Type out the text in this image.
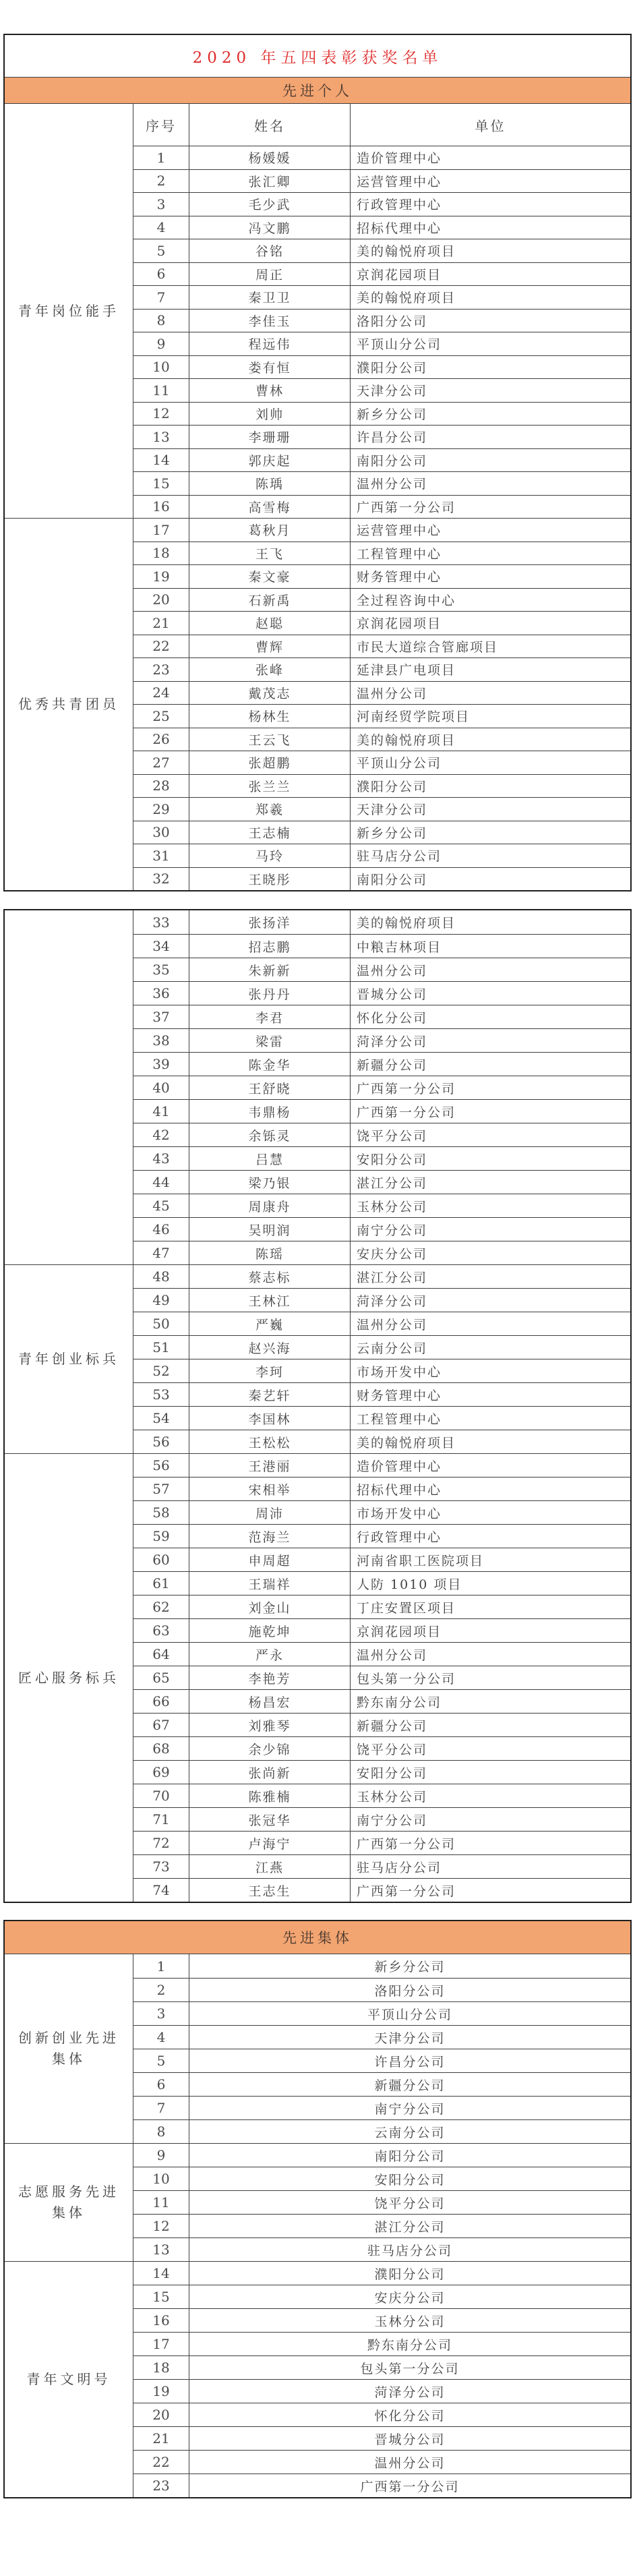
2020 年五四表彰获奖名单
先进个人
青年岗位能手
序号	姓名	单位
1	杨媛媛	造价管理中心
2	张汇卿	运营管理中心
3	毛少武	行政管理中心
4	冯文鹏	招标代理中心
5	谷铭	美的翰悦府项目
6	周正	京润花园项目
7	秦卫卫	美的翰悦府项目
8	李佳玉	洛阳分公司
9	程远伟	平顶山分公司
10	娄有恒	濮阳分公司
11	曹林	天津分公司
12	刘帅	新乡分公司
13	李珊珊	许昌分公司
14	郭庆起	南阳分公司
15	陈瑀	温州分公司
16	高雪梅	广西第一分公司
优秀共青团员
17	葛秋月	运营管理中心
18	王飞	工程管理中心
19	秦文豪	财务管理中心
20	石新禹	全过程咨询中心
21	赵聪	京润花园项目
22	曹辉	市民大道综合管廊项目
23	张峰	延津县广电项目
24	戴茂志	温州分公司
25	杨林生	河南经贸学院项目
26	王云飞	美的翰悦府项目
27	张超鹏	平顶山分公司
28	张兰兰	濮阳分公司
29	郑羲	天津分公司
30	王志楠	新乡分公司
31	马玲	驻马店分公司
32	王晓彤	南阳分公司
33	张扬洋	美的翰悦府项目
34	招志鹏	中粮吉林项目
35	朱新新	温州分公司
36	张丹丹	晋城分公司
37	李君	怀化分公司
38	梁雷	菏泽分公司
39	陈金华	新疆分公司
40	王舒晓	广西第一分公司
41	韦鼎杨	广西第一分公司
42	余铄灵	饶平分公司
43	吕慧	安阳分公司
44	梁乃银	湛江分公司
45	周康舟	玉林分公司
46	吴明润	南宁分公司
47	陈瑶	安庆分公司
青年创业标兵
48	蔡志标	湛江分公司
49	王林江	菏泽分公司
50	严巍	温州分公司
51	赵兴海	云南分公司
52	李珂	市场开发中心
53	秦艺轩	财务管理中心
54	李国林	工程管理中心
56	王松松	美的翰悦府项目
匠心服务标兵
56	王港丽	造价管理中心
57	宋相举	招标代理中心
58	周沛	市场开发中心
59	范海兰	行政管理中心
60	申周超	河南省职工医院项目
61	王瑞祥	人防 1010 项目
62	刘金山	丁庄安置区项目
63	施乾坤	京润花园项目
64	严永	温州分公司
65	李艳芳	包头第一分公司
66	杨昌宏	黔东南分公司
67	刘雅琴	新疆分公司
68	余少锦	饶平分公司
69	张尚新	安阳分公司
70	陈雅楠	玉林分公司
71	张冠华	南宁分公司
72	卢海宁	广西第一分公司
73	江燕	驻马店分公司
74	王志生	广西第一分公司
先进集体
创新创业先进集体
1	新乡分公司
2	洛阳分公司
3	平顶山分公司
4	天津分公司
5	许昌分公司
6	新疆分公司
7	南宁分公司
8	云南分公司
志愿服务先进集体
9	南阳分公司
10	安阳分公司
11	饶平分公司
12	湛江分公司
13	驻马店分公司
青年文明号
14	濮阳分公司
15	安庆分公司
16	玉林分公司
17	黔东南分公司
18	包头第一分公司
19	菏泽分公司
20	怀化分公司
21	晋城分公司
22	温州分公司
23	广西第一分公司
